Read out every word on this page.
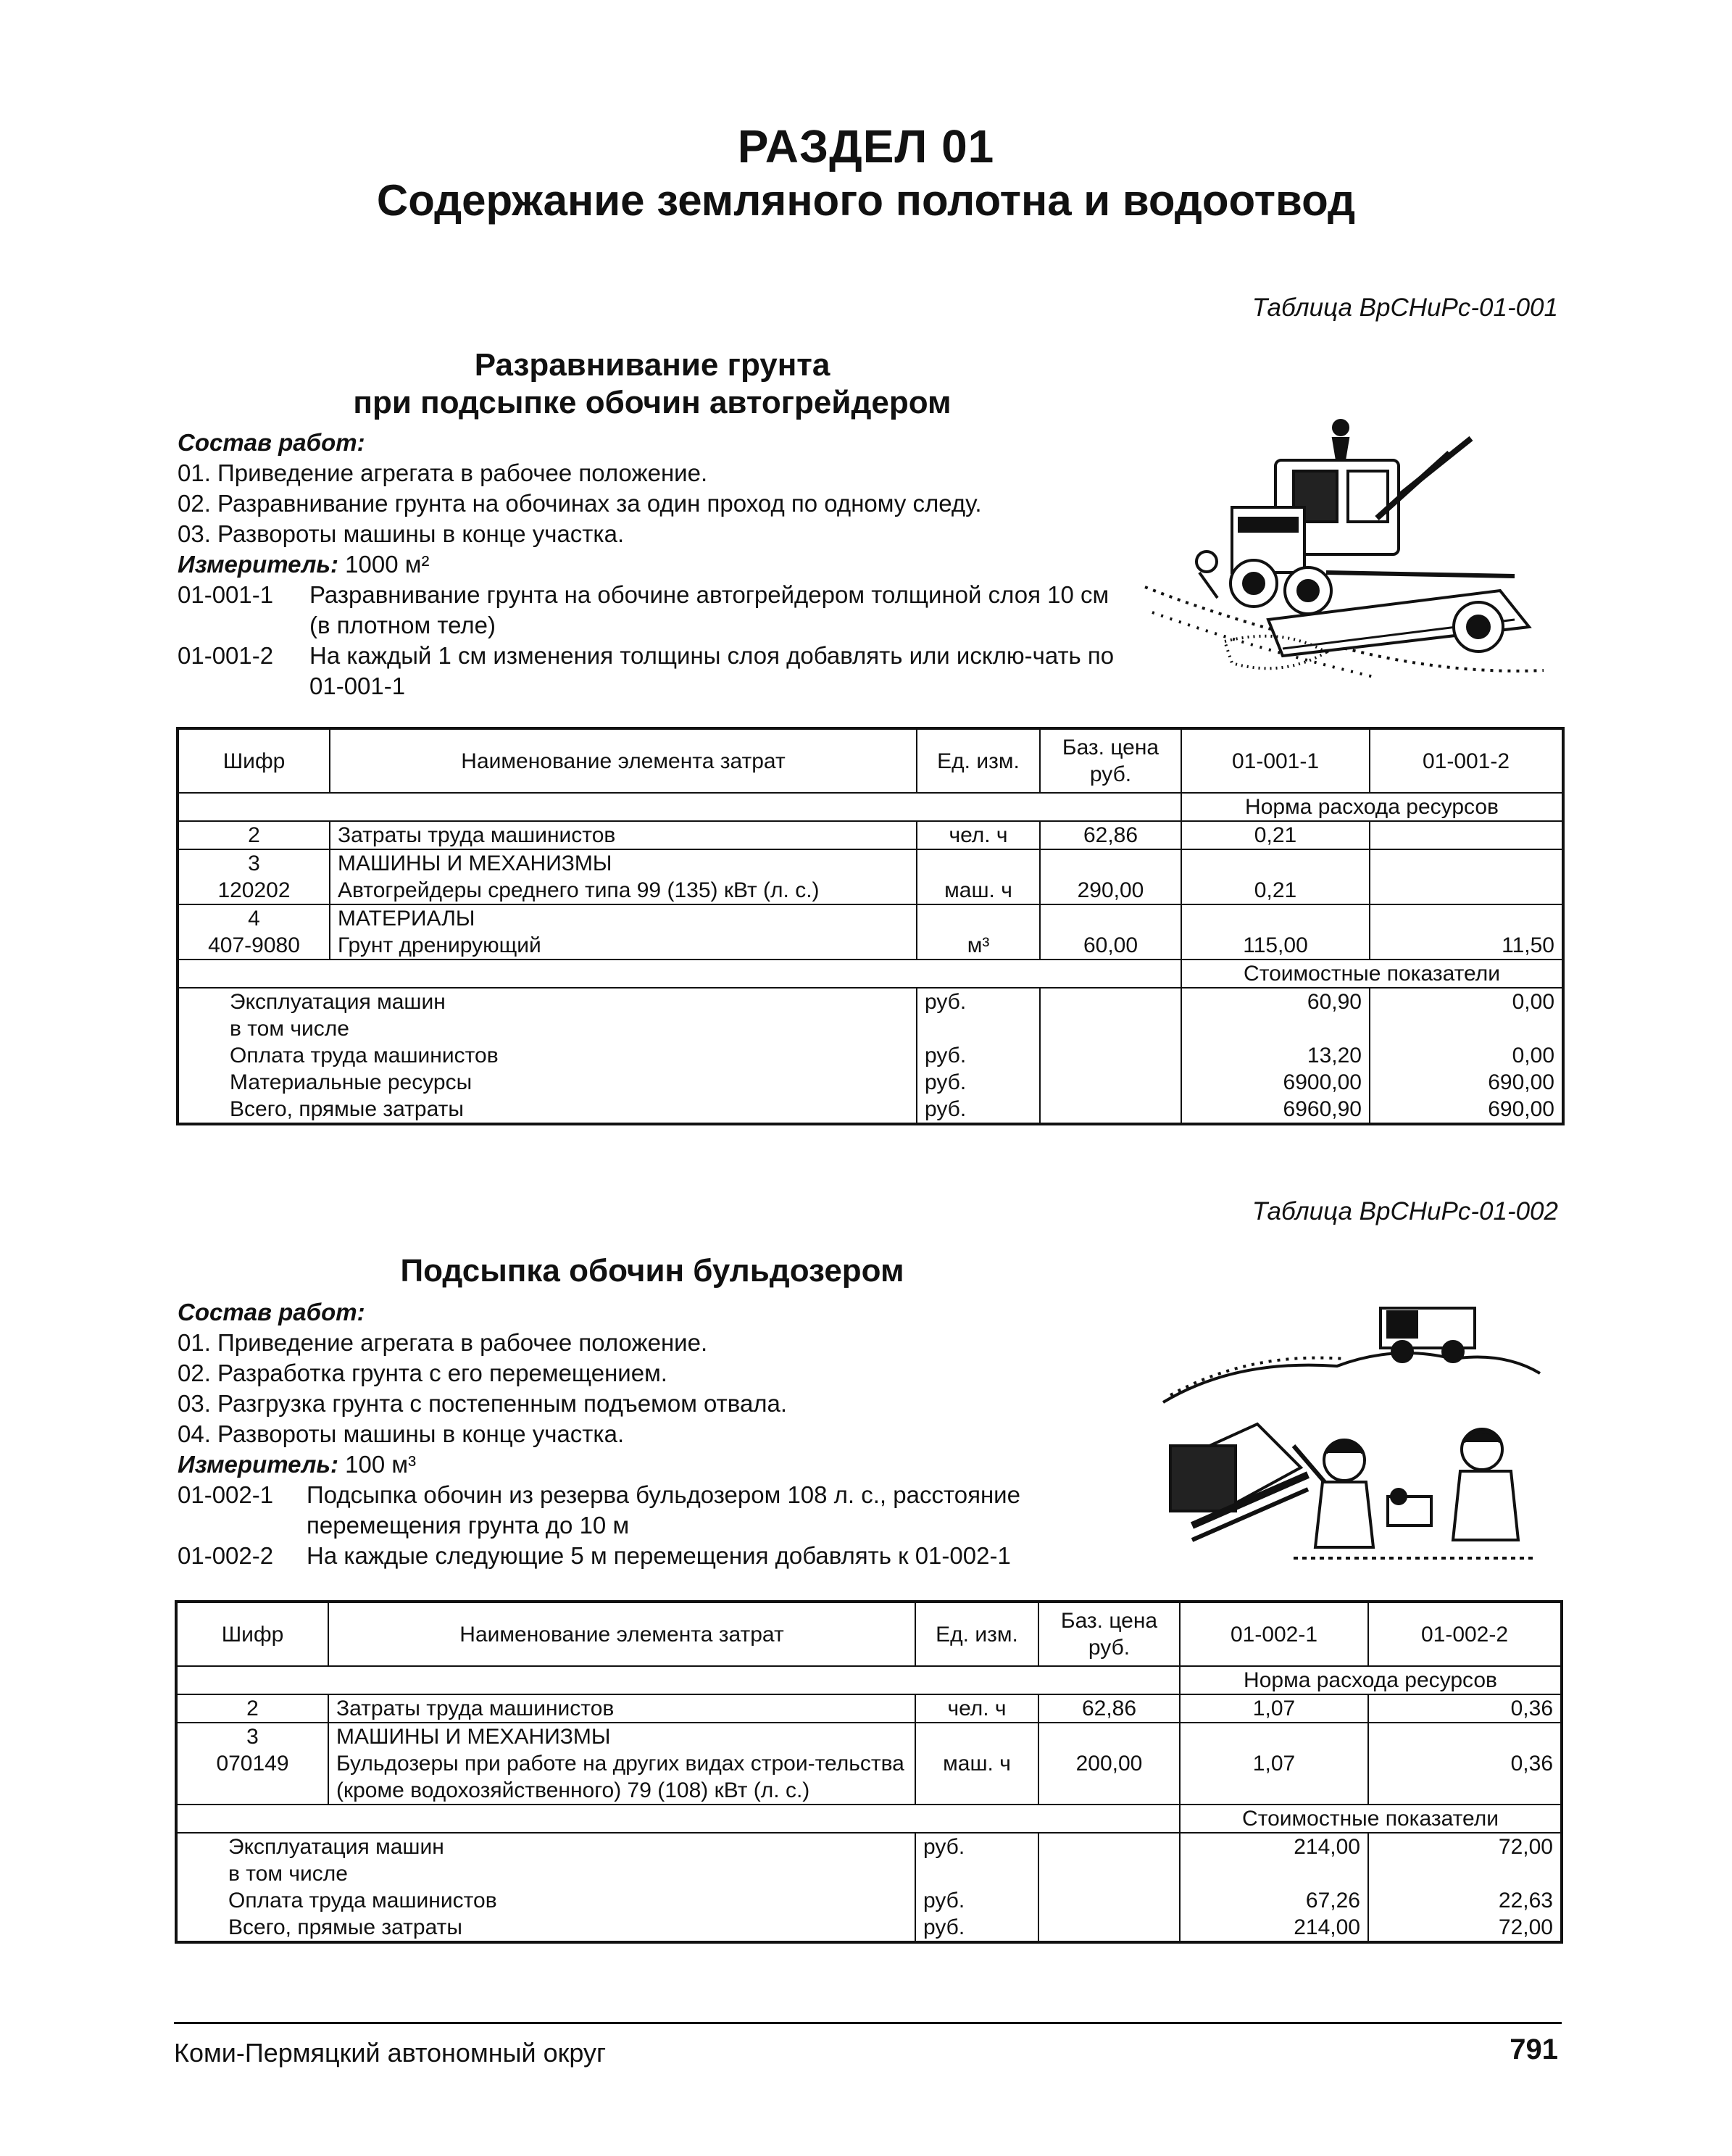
РАЗДЕЛ 01
Содержание земляного полотна и водоотвод
Таблица ВрСНиРс-01-001
Разравнивание грунта
при подсыпке обочин автогрейдером

Состав работ:

01. Приведение агрегата в рабочее положение.

02. Разравнивание грунта на обочинах за один проход по одному следу.

03. Развороты машины в конце участка.

Измеритель: 1000 м²

01-001-1	Разравнивание грунта на обочине автогрейдером толщиной слоя 10 см (в плотном теле)
01-001-2	На каждый 1 см изменения толщины слоя добавлять или исклю-чать по 01-001-1
Шифр	Наименование элемента затрат	Ед. изм.	Баз. цена руб.	01-001-1	01-001-2
				Норма расхода ресурсов	
2	Затраты труда машинистов	чел. ч	62,86	0,21	
3	МАШИНЫ И МЕХАНИЗМЫ				
120202	Автогрейдеры среднего типа 99 (135) кВт (л. с.)	маш. ч	290,00	0,21	
4	МАТЕРИАЛЫ				
407-9080	Грунт дренирующий	м³	60,00	115,00	11,50
				Стоимостные показатели	
Эксплуатация машин		руб.		60,90	0,00
в том числе					
Оплата труда машинистов		руб.		13,20	0,00
Материальные ресурсы		руб.		6900,00	690,00
Всего, прямые затраты		руб.		6960,90	690,00
Таблица ВрСНиРс-01-002
Подсыпка обочин бульдозером

Состав работ:

01. Приведение агрегата в рабочее положение.

02. Разработка грунта с его перемещением.

03. Разгрузка грунта с постепенным подъемом отвала.

04. Развороты машины в конце участка.

Измеритель: 100 м³

01-002-1	Подсыпка обочин из резерва бульдозером 108 л. с., расстояние перемещения грунта до 10 м
01-002-2	На каждые следующие 5 м перемещения добавлять к 01-002-1
Шифр	Наименование элемента затрат	Ед. изм.	Баз. цена руб.	01-002-1	01-002-2
				Норма расхода ресурсов	
2	Затраты труда машинистов	чел. ч	62,86	1,07	0,36
3	МАШИНЫ И МЕХАНИЗМЫ				
070149	Бульдозеры при работе на других видах строи-тельства (кроме водохозяйственного) 79 (108) кВт (л. с.)	маш. ч	200,00	1,07	0,36
				Стоимостные показатели	
Эксплуатация машин		руб.		214,00	72,00
в том числе					
Оплата труда машинистов		руб.		67,26	22,63
Всего, прямые затраты		руб.		214,00	72,00
Коми-Пермяцкий автономный округ	791
